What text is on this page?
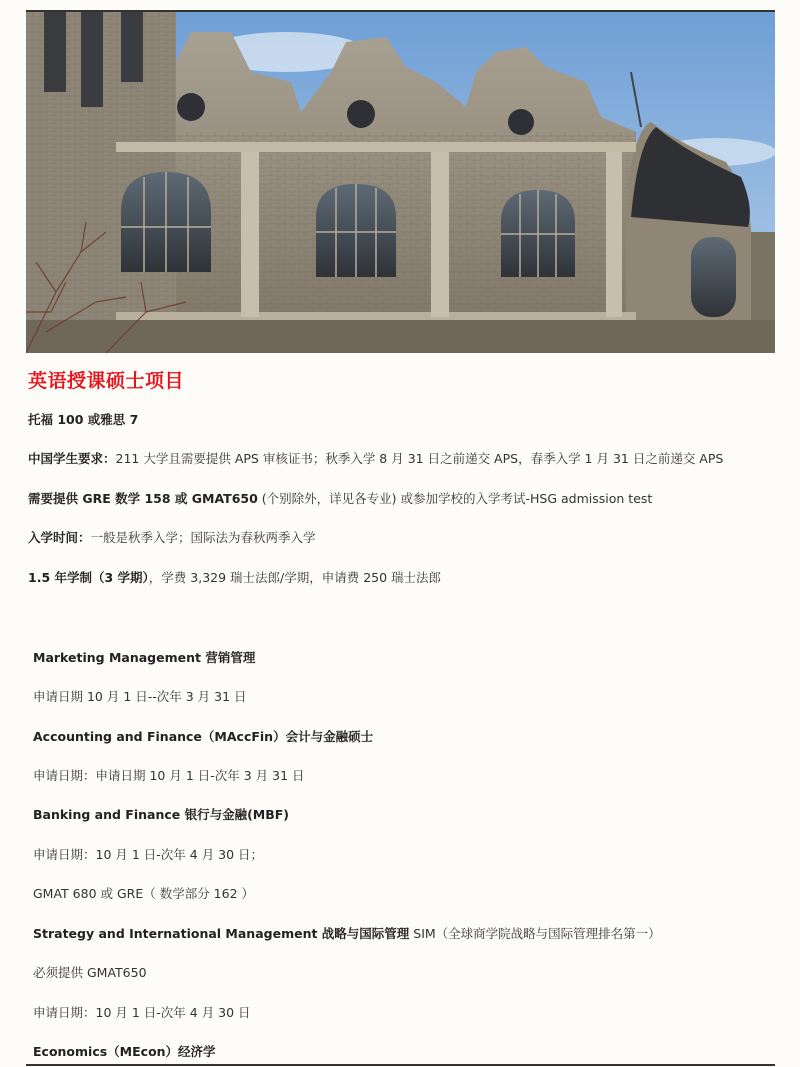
英语授课硕士项目
托福 100 或雅思 7
中国学生要求：211 大学且需要提供 APS 审核证书；秋季入学 8 月 31 日之前递交 APS，春季入学 1 月 31 日之前递交 APS
需要提供 GRE 数学 158 或 GMAT650 (个别除外，详见各专业) 或参加学校的入学考试-HSG admission test
入学时间：一般是秋季入学；国际法为春秋两季入学
1.5 年学制（3 学期），学费 3,329 瑞士法郎/学期，申请费 250 瑞士法郎
Marketing Management 营销管理
申请日期 10 月 1 日--次年 3 月 31 日
Accounting and Finance（MAccFin）会计与金融硕士
申请日期：申请日期 10 月 1 日-次年 3 月 31 日
Banking and Finance 银行与金融(MBF)
申请日期：10 月 1 日-次年 4 月 30 日；
GMAT 680 或 GRE（ 数学部分 162 ）
Strategy and International Management 战略与国际管理 SIM（全球商学院战略与国际管理排名第一）
必须提供 GMAT650
申请日期：10 月 1 日-次年 4 月 30 日
Economics（MEcon）经济学
